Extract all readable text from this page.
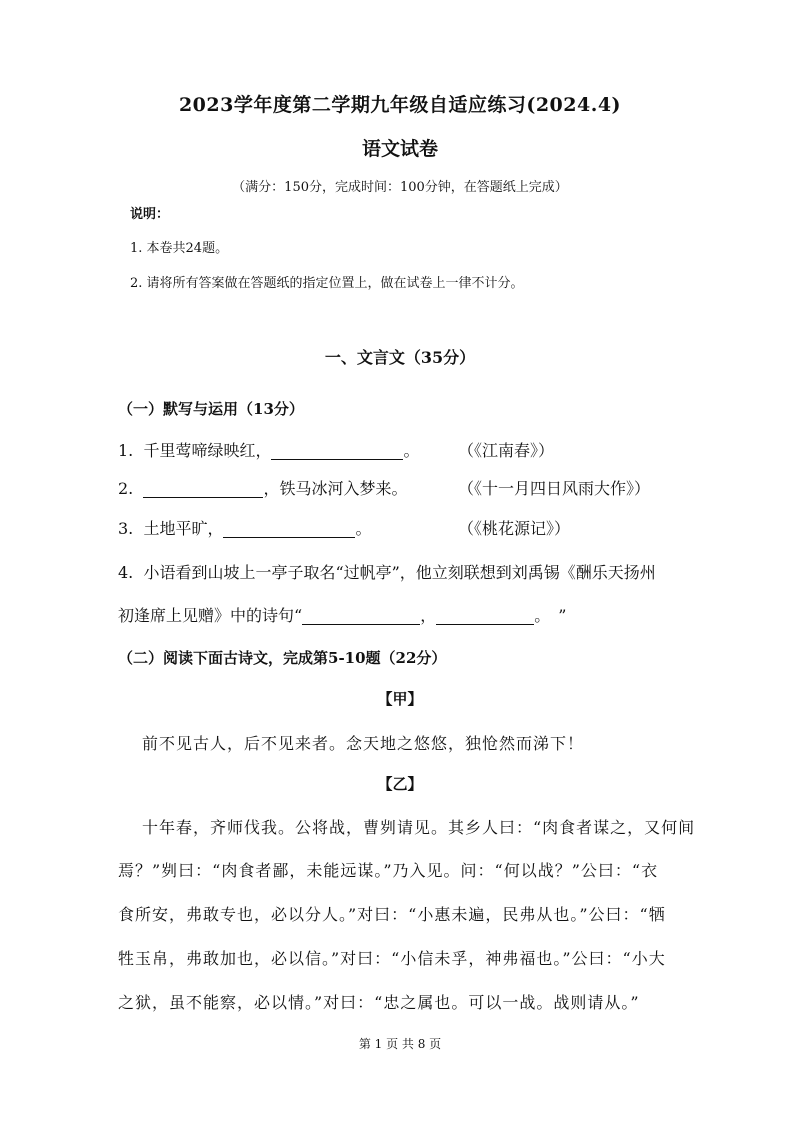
2023学年度第二学期九年级自适应练习(2024.4)
语文试卷
（满分：150分，完成时间：100分钟，在答题纸上完成）
说明：
1. 本卷共24题。
2. 请将所有答案做在答题纸的指定位置上，做在试卷上一律不计分。
一、文言文（35分）
（一）默写与运用（13分）
1. 千里莺啼绿映红，	。 （《江南春》）
2.	，铁马冰河入梦来。	（《十一月四日风雨大作》）
3. 土地平旷，	。	（《桃花源记》）
4. 小语看到山坡上一亭子取名“过帆亭”，他立刻联想到刘禹锡《酬乐天扬州
初逢席上见赠》中的诗句“	，	。　”
（二）阅读下面古诗文，完成第5-10题（22分）
【甲】
前不见古人，后不见来者。念天地之悠悠，独怆然而涕下！
【乙】
十年春，齐师伐我。公将战，曹刿请见。其乡人曰：“肉食者谋之，又何间
焉？”刿曰：“肉食者鄙，未能远谋。”乃入见。问：“何以战？”公曰：“衣
食所安，弗敢专也，必以分人。”对曰：“小惠未遍，民弗从也。”公曰：“牺
牲玉帛，弗敢加也，必以信。”对曰：“小信未孚，神弗福也。”公曰：“小大
之狱，虽不能察，必以情。”对曰：“忠之属也。可以一战。战则请从。”
第 1 页 共 8 页
